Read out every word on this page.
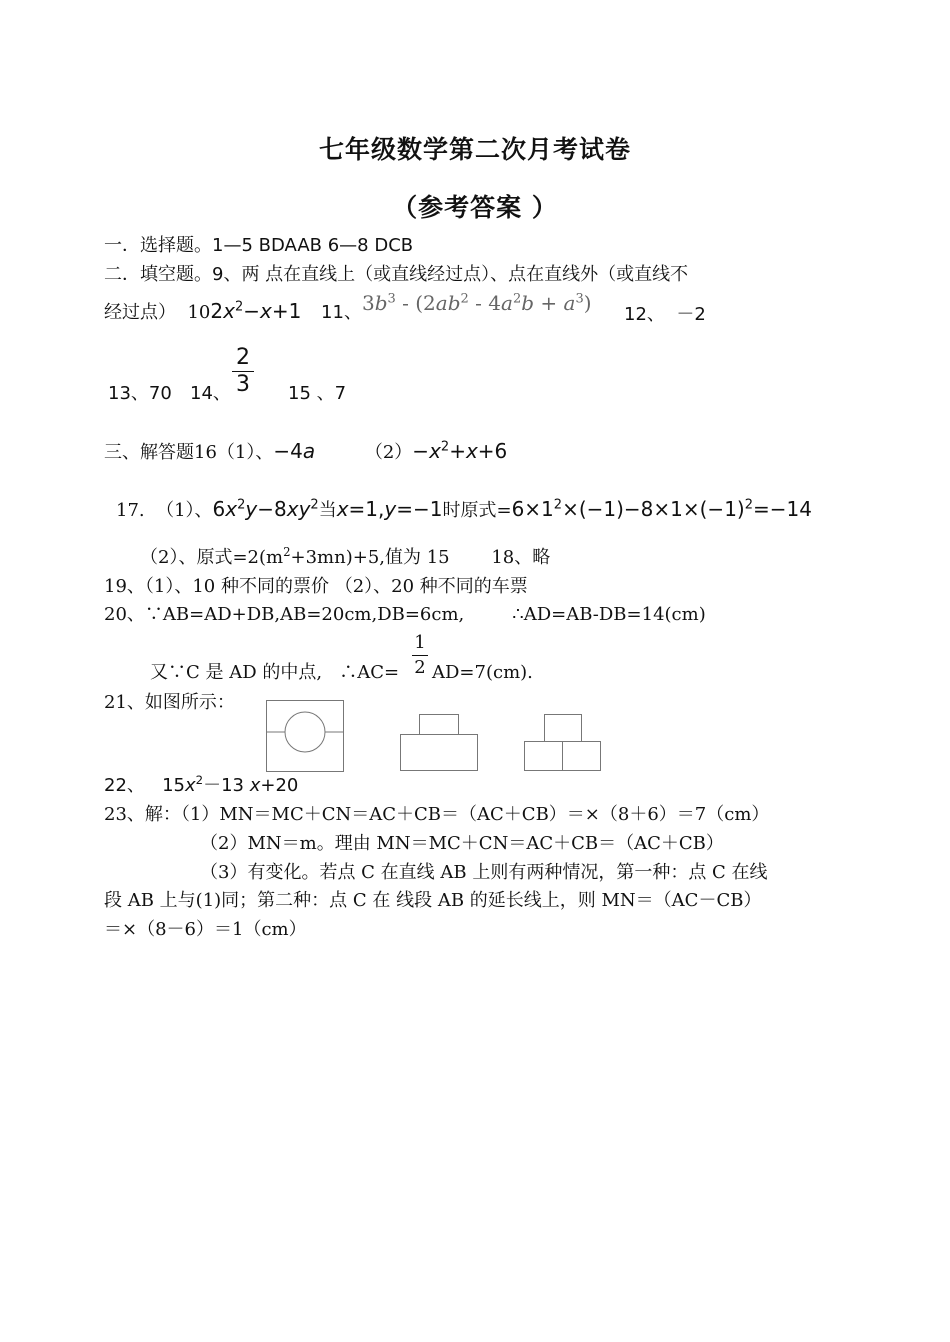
七年级数学第二次月考试卷
（参考答案 ）
一．选择题。1—5 BDAAB 6—8 DCB
二．填空题。9、两 点在直线上（或直线经过点）、点在直线外（或直线不
经过点） $102x^2-x+1$ 11、$3b^3 - (2ab^2 - 4a^2b + a^3)$ 12、 －2
13、70 14、 $\frac{2}{3} 15$ 、7
三、解答题16（1）、−4a	$(2)-x^2+x+6$
17. （1）、$6x^2y-8xy^2$当x=1,y=−1时原式$=6\times 1^2\times(-1)-8\times 1\times(-1)^2=-14$
（2）、原式$=2(m^2+3mn)+5$,值为 15 18、略
19、（1）、10 种不同的票价 （2）、20 种不同的车票
20、∵AB=AD+DB,AB=20cm,DB=6cm,	∴AD=AB-DB=14(cm)
又∵C 是 AD 的中点, ∴AC= $\frac{1}{2} AD=7(cm)$.
21、如图所示：
22、 $15x^2-13$ x+20
23、解：（1）MN＝MC＋CN＝AC＋CB＝（AC＋CB）＝×（8＋6）＝7（cm）
（2）MN＝m。理由 MN＝MC＋CN＝AC＋CB＝（AC＋CB）
（3）有变化。若点 C 在直线 AB 上则有两种情况，第一种：点 C 在线
段 AB 上与(1)同；第二种：点 C 在 线段 AB 的延长线上，则 MN＝（AC－CB）
＝×（8－6）＝1（cm）
